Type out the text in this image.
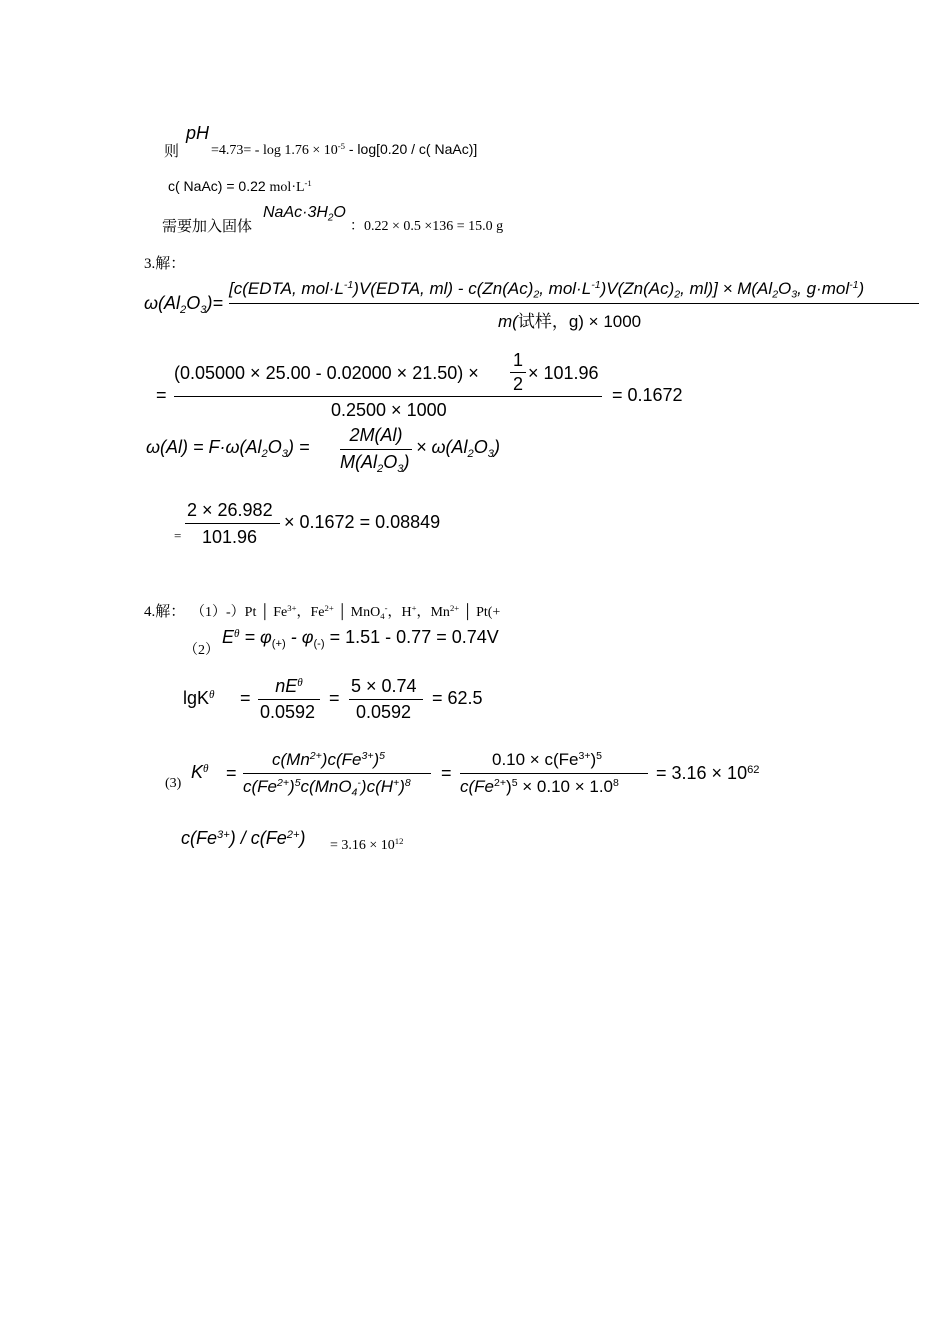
则
pH
$=4.73= - \log 1.76 \times 10^{-5} - \log[0.20 / c$( NaAc)]
c( NaAc) = 0.22 $mol\cdot L^{-1}$
需要加入固体
$NaAc\cdot 3H_2O$
：0.22 × 0.5 ×136 = 15.0 g
3.解：
$\omega(Al_2O_3)=$
[c(EDTA, $mol\cdot L^{-1})V(EDTA$, $ml) - c(Zn(Ac)_2$, $mol\cdot L^{-1})V(Zn(Ac)_2$, $ml)] \times M(Al_2O_3$, g·mol$^{-1}$)
m(试样，g) × 1000
=
(0.05000 × 25.00 - 0.02000 × 21.50) ×
1
2
× 101.96
0.2500 × 1000
= 0.1672
$\omega(Al) = F\cdot\omega(Al_2O_3)$ =
2M(Al)
$M(Al_2O_3)$
× $\omega(Al_2O_3)$
=
2 × 26.982
101.96
× 0.1672 = 0.08849
4.解： （1）-）Pt │ $Fe^{3+}$，$Fe^{2+}$ │ MnO$_4$-，H+，$Mn^{2+}$ │ Pt(+
（2）
$E^\theta = \varphi_{(+)} - \varphi_{(-)} = 1.51 - 0.77 = 0.74V$
lgK$^\theta$ =
$nE^\theta$
0.0592
=
5 × 0.74
0.0592
= 62.5
(3)
$K^\theta$ =
$c(Mn^{2+})c(Fe^{3+})^5$
$c(Fe^{2+})^5c(MnO_4^-)c(H^+)^8$
=
$0.10 \times c(Fe^{3+})^5$
$c(Fe^{2+})^5 \times 0.10 \times 1.0^8$
= $3.16 \times 10^{62}$
$c(Fe^{3+}) / c(Fe^{2+}) = 3.16 \times 10^{12}$
